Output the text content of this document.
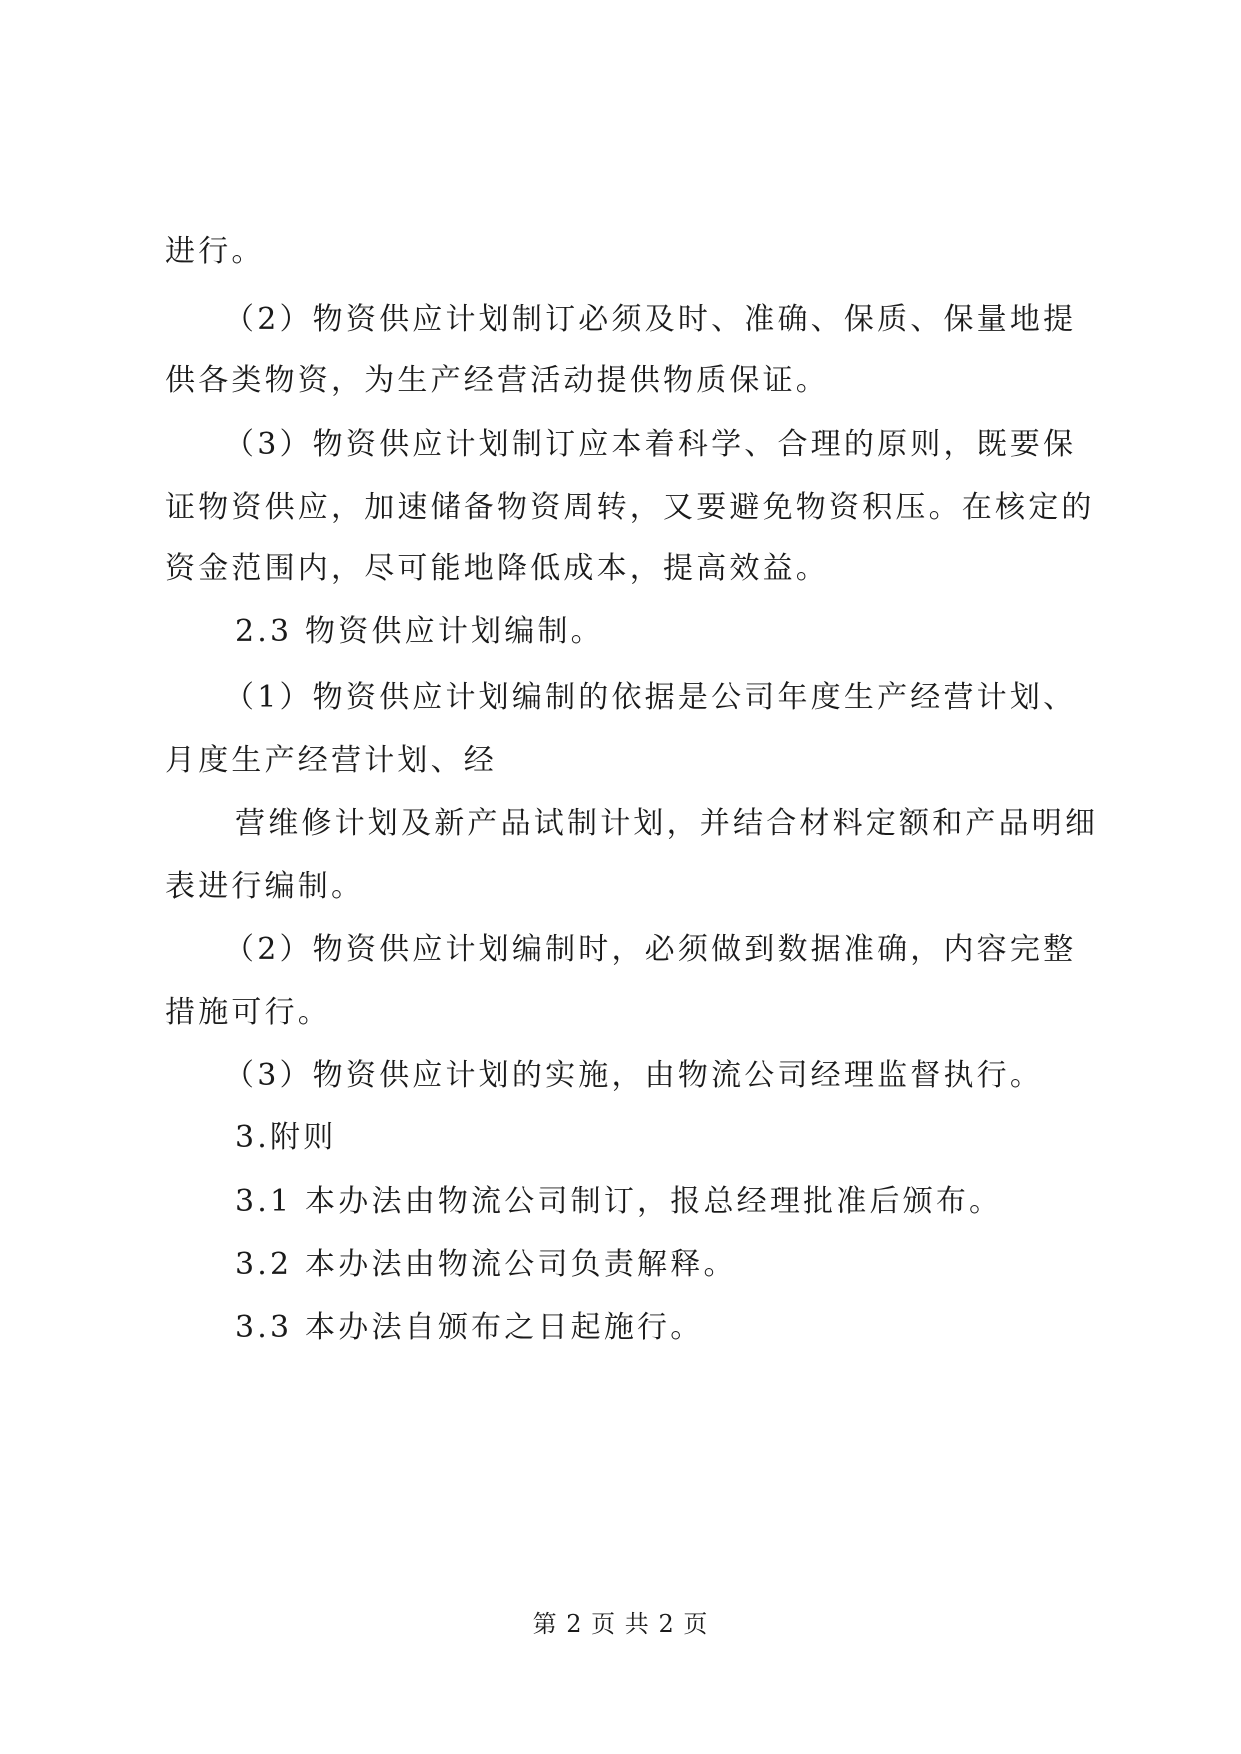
进行。
（2）物资供应计划制订必须及时、准确、保质、保量地提
供各类物资，为生产经营活动提供物质保证。
（3）物资供应计划制订应本着科学、合理的原则，既要保
证物资供应，加速储备物资周转，又要避免物资积压。在核定的
资金范围内，尽可能地降低成本，提高效益。
2.3 物资供应计划编制。
（1）物资供应计划编制的依据是公司年度生产经营计划、
月度生产经营计划、经
营维修计划及新产品试制计划，并结合材料定额和产品明细
表进行编制。
（2）物资供应计划编制时，必须做到数据准确，内容完整
措施可行。
（3）物资供应计划的实施，由物流公司经理监督执行。
3.附则
3.1 本办法由物流公司制订，报总经理批准后颁布。
3.2 本办法由物流公司负责解释。
3.3 本办法自颁布之日起施行。
第 2 页 共 2 页
